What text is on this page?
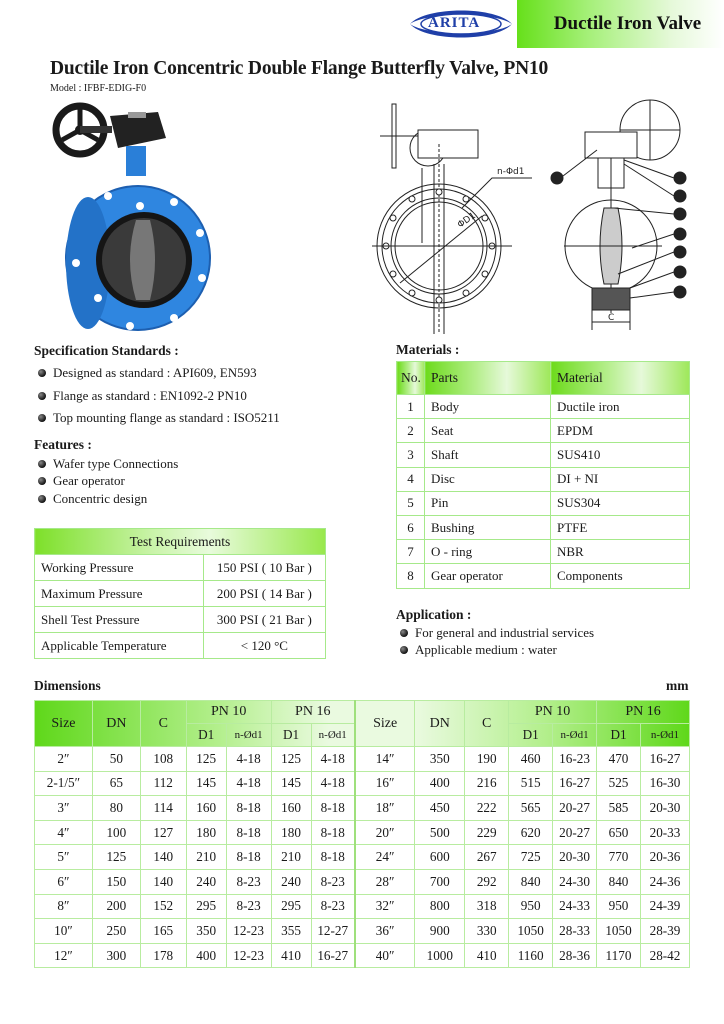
ARITA	Ductile Iron Valve
Ductile Iron Concentric Double Flange Butterfly Valve, PN10
Model : IFBF-EDIG-F0
n-Φd1
ΦD1
C
8	7
6
5
4
3
2
1
Specification Standards :
Designed as standard : API609, EN593
Flange as standard : EN1092-2 PN10
Top mounting flange as standard : ISO5211
Features :
Wafer type Connections
Gear operator
Concentric design
Test Requirements	
Working Pressure	150 PSI ( 10 Bar )
Maximum Pressure	200 PSI ( 14 Bar )
Shell Test Pressure	300 PSI ( 21 Bar )
Applicable Temperature	< 120 °C
Materials :
No.	Parts	Material
1	Body	Ductile iron
2	Seat	EPDM
3	Shaft	SUS410
4	Disc	DI + NI
5	Pin	SUS304
6	Bushing	PTFE
7	O - ring	NBR
8	Gear operator	Components
Application :
For general and industrial services
Applicable medium : water
Dimensions	mm
Size	DN	C	PN 10		PN 16		Size	DN	C	PN 10		PN 16	
			D1	n-Ød1	D1	n-Ød1				D1	n-Ød1	D1	n-Ød1
2″	50	108	125	4-18	125	4-18	14″	350	190	460	16-23	470	16-27
2-1/5″	65	112	145	4-18	145	4-18	16″	400	216	515	16-27	525	16-30
3″	80	114	160	8-18	160	8-18	18″	450	222	565	20-27	585	20-30
4″	100	127	180	8-18	180	8-18	20″	500	229	620	20-27	650	20-33
5″	125	140	210	8-18	210	8-18	24″	600	267	725	20-30	770	20-36
6″	150	140	240	8-23	240	8-23	28″	700	292	840	24-30	840	24-36
8″	200	152	295	8-23	295	8-23	32″	800	318	950	24-33	950	24-39
10″	250	165	350	12-23	355	12-27	36″	900	330	1050	28-33	1050	28-39
12″	300	178	400	12-23	410	16-27	40″	1000	410	1160	28-36	1170	28-42
